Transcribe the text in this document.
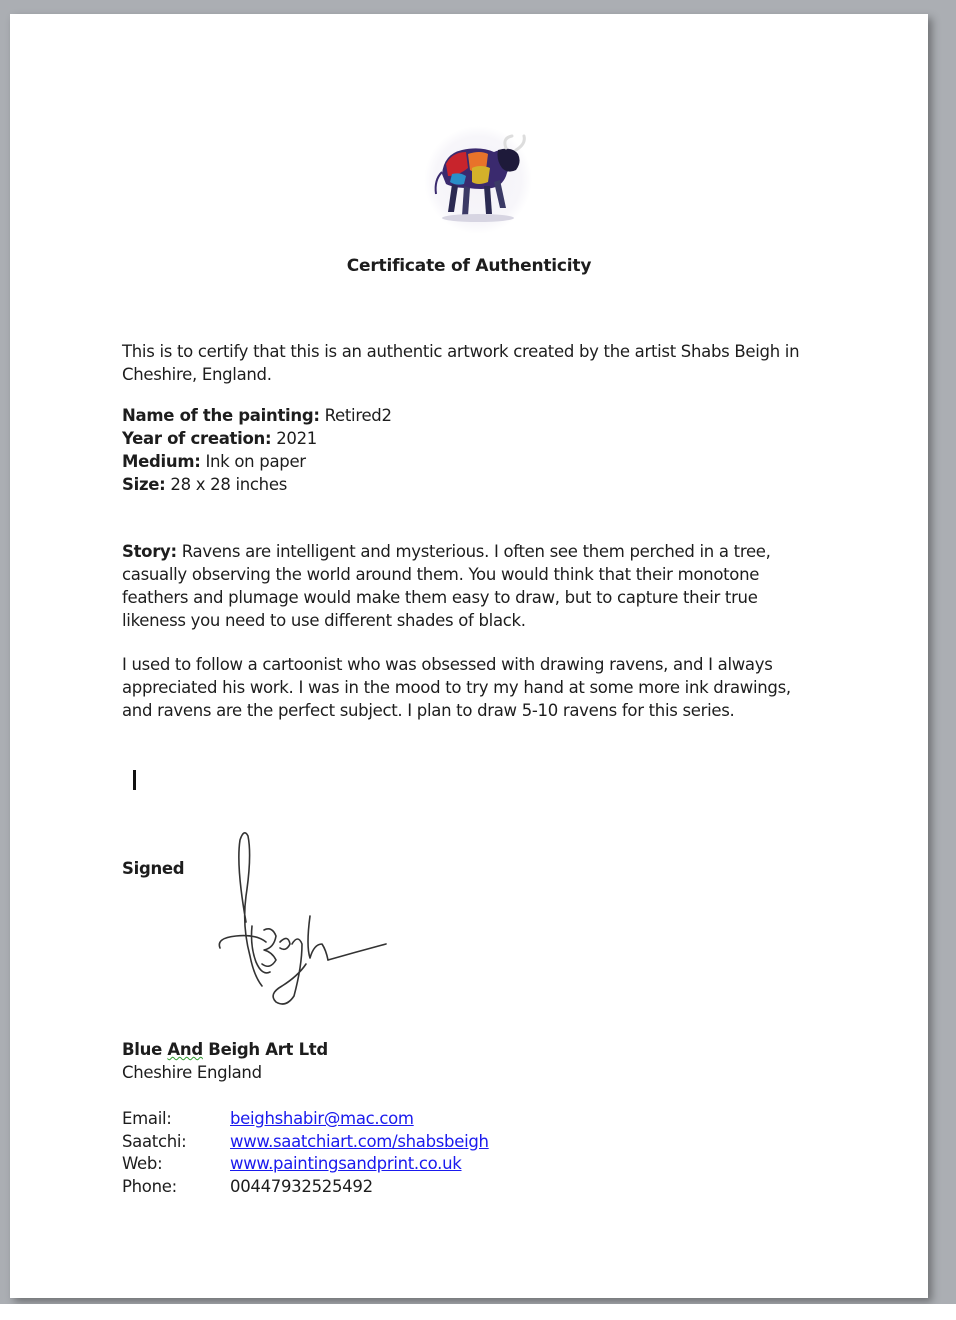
Certificate of Authenticity
This is to certify that this is an authentic artwork created by the artist Shabs Beigh in Cheshire, England.
Name of the painting: Retired2
Year of creation: 2021
Medium: Ink on paper
Size: 28 x 28 inches
Story: Ravens are intelligent and mysterious. I often see them perched in a tree, casually observing the world around them. You would think that their monotone feathers and plumage would make them easy to draw, but to capture their true likeness you need to use different shades of black.
I used to follow a cartoonist who was obsessed with drawing ravens, and I always appreciated his work. I was in the mood to try my hand at some more ink drawings, and ravens are the perfect subject. I plan to draw 5-10 ravens for this series.
Signed
Blue And Beigh Art Ltd
Cheshire England
Email:	beighshabir@mac.com
Saatchi:	www.saatchiart.com/shabsbeigh
Web:	www.paintingsandprint.co.uk
Phone:	00447932525492
